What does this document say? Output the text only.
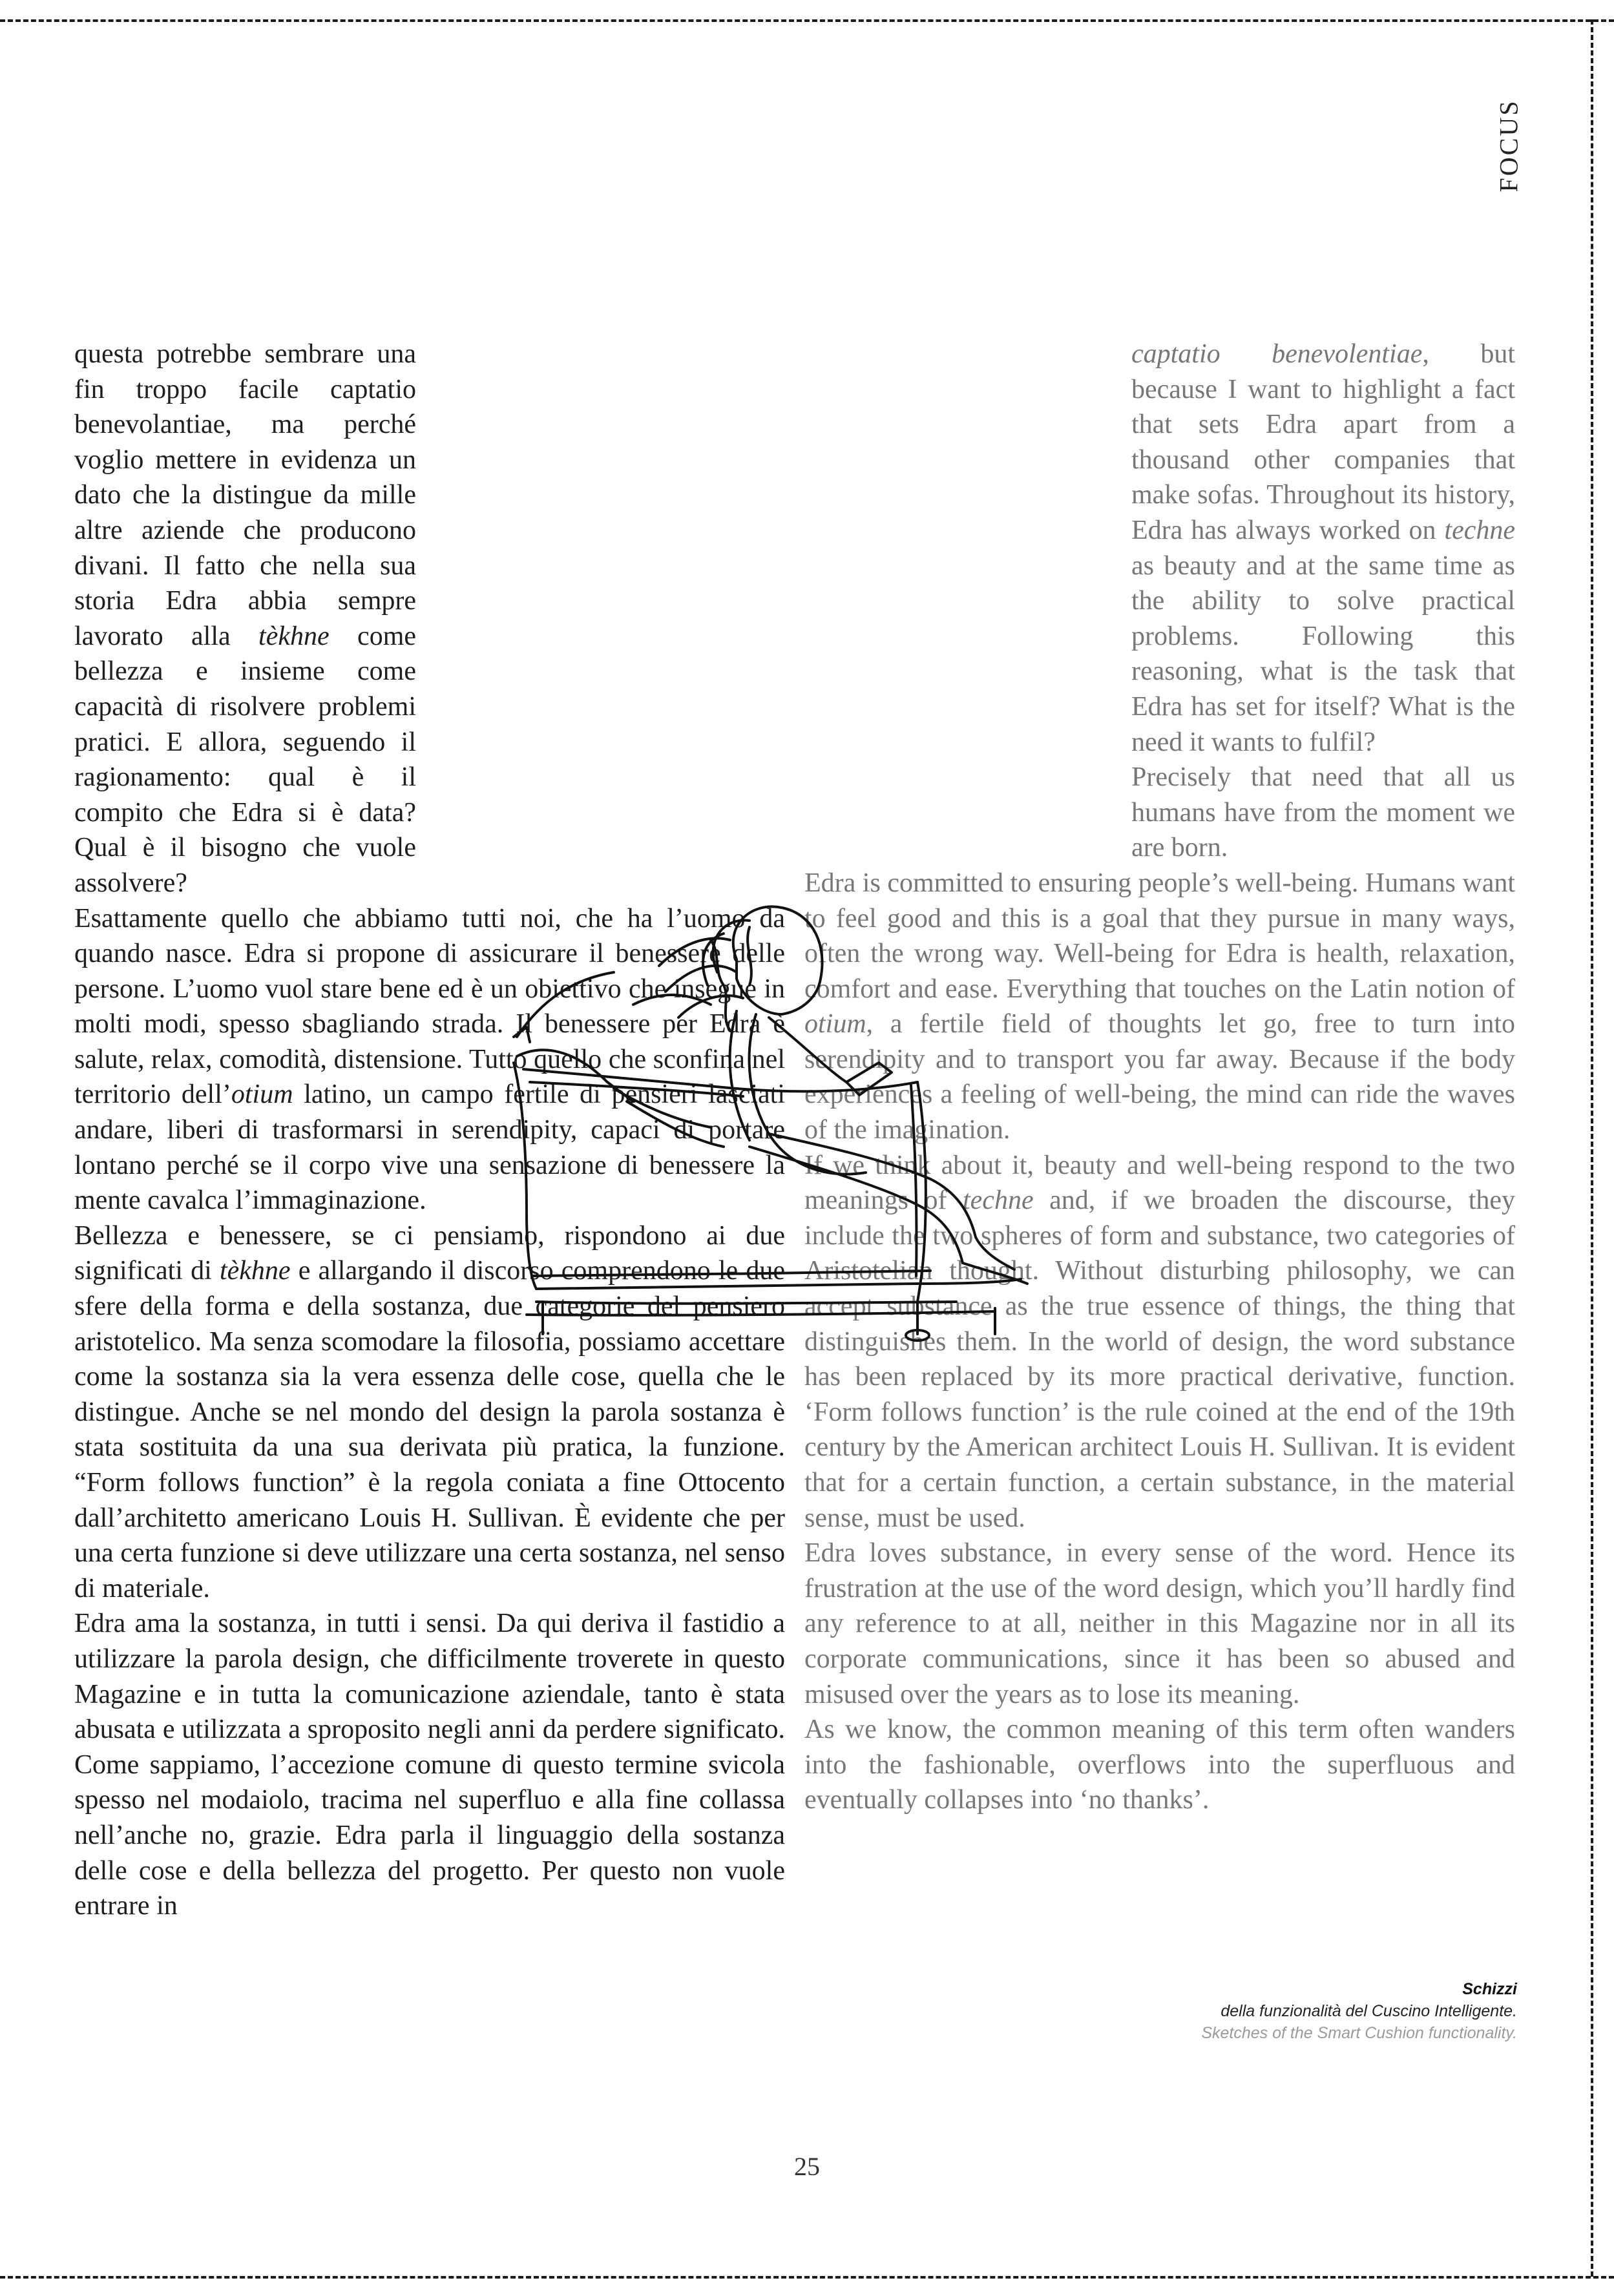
FOCUS

questa potrebbe sembrare una fin troppo facile captatio benevolantiae, ma perché voglio mettere in evidenza un dato che la distingue da mille altre aziende che producono divani. Il fatto che nella sua storia Edra abbia sempre lavorato alla tèkhne come bellezza e insieme come capacità di risolvere problemi pratici. E allora, seguendo il ragionamento: qual è il compito che Edra si è data? Qual è il bisogno che vuole assolvere?

Esattamente quello che abbiamo tutti noi, che ha l’uomo da quando nasce. Edra si propone di assicurare il benessere delle persone. L’uomo vuol stare bene ed è un obiettivo che insegue in molti modi, spesso sbagliando strada. Il benessere per Edra è salute, relax, comodità, distensione. Tutto quello che sconfina nel territorio dell’otium latino, un campo fertile di pensieri lasciati andare, liberi di trasformarsi in serendipity, capaci di portare lontano perché se il corpo vive una sensazione di benessere la mente cavalca l’immaginazione.

Bellezza e benessere, se ci pensiamo, rispondono ai due significati di tèkhne e allargando il discorso comprendono le due sfere della forma e della sostanza, due categorie del pensiero aristotelico. Ma senza scomodare la filosofia, possiamo accettare come la sostanza sia la vera essenza delle cose, quella che le distingue. Anche se nel mondo del design la parola sostanza è stata sostituita da una sua derivata più pratica, la funzione. “Form follows function” è la regola coniata a fine Ottocento dall’architetto americano Louis H. Sullivan. È evidente che per una certa funzione si deve utilizzare una certa sostanza, nel senso di materiale.

Edra ama la sostanza, in tutti i sensi. Da qui deriva il fastidio a utilizzare la parola design, che difficilmente troverete in questo Magazine e in tutta la comunicazione aziendale, tanto è stata abusata e utilizzata a sproposito negli anni da perdere significato. Come sappiamo, l’accezione comune di questo termine svicola spesso nel modaiolo, tracima nel superfluo e alla fine collassa nell’anche no, grazie. Edra parla il linguaggio della sostanza delle cose e della bellezza del progetto. Per questo non vuole entrare in

captatio benevolentiae, but because I want to highlight a fact that sets Edra apart from a thousand other companies that make sofas. Throughout its history, Edra has always worked on techne as beauty and at the same time as the ability to solve practical problems. Following this reasoning, what is the task that Edra has set for itself? What is the need it wants to fulfil?

Precisely that need that all us humans have from the moment we are born.

Edra is committed to ensuring people’s well-being. Humans want to feel good and this is a goal that they pursue in many ways, often the wrong way. Well-being for Edra is health, relaxation, comfort and ease. Everything that touches on the Latin notion of otium, a fertile field of thoughts let go, free to turn into serendipity and to transport you far away. Because if the body experiences a feeling of well-being, the mind can ride the waves of the imagination.

If we think about it, beauty and well-being respond to the two meanings of techne and, if we broaden the discourse, they include the two spheres of form and substance, two categories of Aristotelian thought. Without disturbing philosophy, we can accept substance as the true essence of things, the thing that distinguishes them. In the world of design, the word substance has been replaced by its more practical derivative, function. ‘Form follows function’ is the rule coined at the end of the 19th century by the American architect Louis H. Sullivan. It is evident that for a certain function, a certain substance, in the material sense, must be used.

Edra loves substance, in every sense of the word. Hence its frustration at the use of the word design, which you’ll hardly find any reference to at all, neither in this Magazine nor in all its corporate communications, since it has been so abused and misused over the years as to lose its meaning.

As we know, the common meaning of this term often wanders into the fashionable, overflows into the superfluous and eventually collapses into ‘no thanks’.

Schizzi
della funzionalità del Cuscino Intelligente.
Sketches of the Smart Cushion functionality.
25
